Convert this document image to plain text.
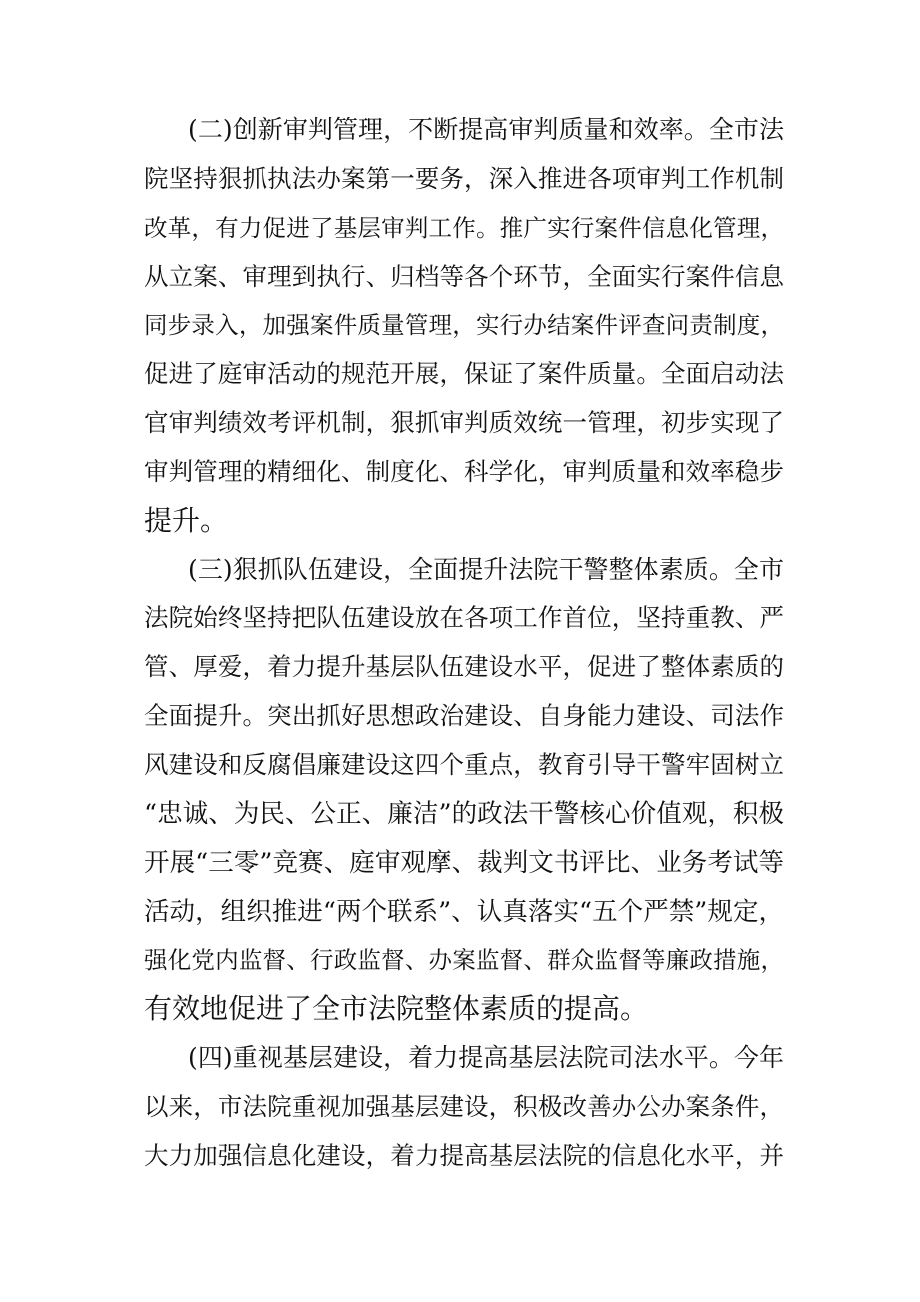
(二)创新审判管理，不断提高审判质量和效率。全市法
院坚持狠抓执法办案第一要务，深入推进各项审判工作机制
改革，有力促进了基层审判工作。推广实行案件信息化管理，
从立案、审理到执行、归档等各个环节，全面实行案件信息
同步录入，加强案件质量管理，实行办结案件评查问责制度，
促进了庭审活动的规范开展，保证了案件质量。全面启动法
官审判绩效考评机制，狠抓审判质效统一管理，初步实现了
审判管理的精细化、制度化、科学化，审判质量和效率稳步
提升。
(三)狠抓队伍建设，全面提升法院干警整体素质。全市
法院始终坚持把队伍建设放在各项工作首位，坚持重教、严
管、厚爱，着力提升基层队伍建设水平，促进了整体素质的
全面提升。突出抓好思想政治建设、自身能力建设、司法作
风建设和反腐倡廉建设这四个重点，教育引导干警牢固树立
“忠诚、为民、公正、廉洁”的政法干警核心价值观，积极
开展“三零”竞赛、庭审观摩、裁判文书评比、业务考试等
活动，组织推进“两个联系”、认真落实“五个严禁”规定，
强化党内监督、行政监督、办案监督、群众监督等廉政措施，
有效地促进了全市法院整体素质的提高。
(四)重视基层建设，着力提高基层法院司法水平。今年
以来，市法院重视加强基层建设，积极改善办公办案条件，
大力加强信息化建设，着力提高基层法院的信息化水平，并
